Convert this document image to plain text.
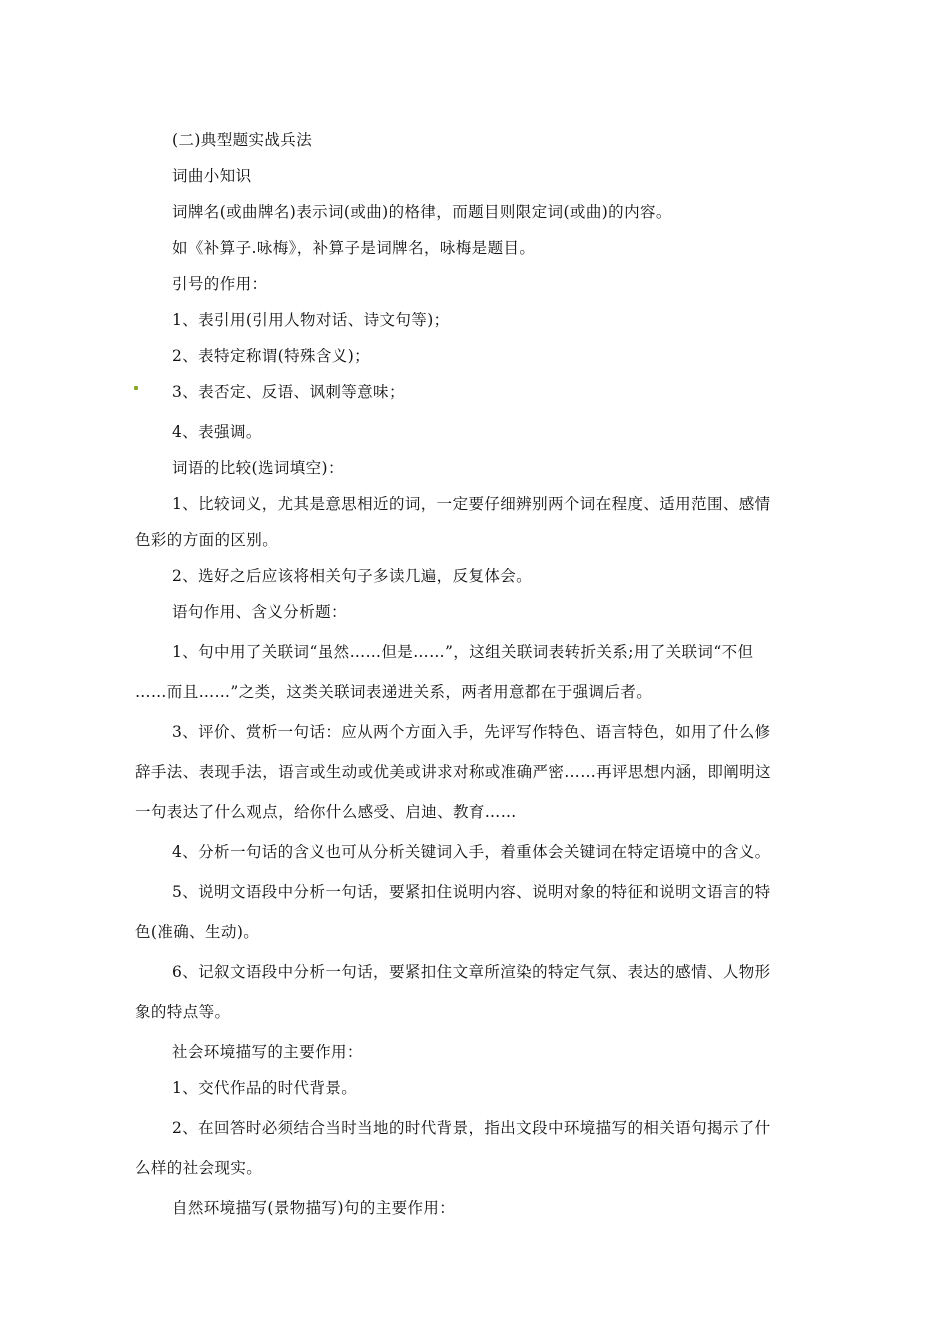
(二)典型题实战兵法
词曲小知识
词牌名(或曲牌名)表示词(或曲)的格律，而题目则限定词(或曲)的内容。
如《补算子.咏梅》，补算子是词牌名，咏梅是题目。
引号的作用：
1、表引用(引用人物对话、诗文句等)；
2、表特定称谓(特殊含义)；
3、表否定、反语、讽刺等意味；
4、表强调。
词语的比较(选词填空)：
1、比较词义，尤其是意思相近的词，一定要仔细辨别两个词在程度、适用范围、感情
色彩的方面的区别。
2、选好之后应该将相关句子多读几遍，反复体会。
语句作用、含义分析题：
1、句中用了关联词“虽然……但是……”，这组关联词表转折关系;用了关联词“不但
……而且……”之类，这类关联词表递进关系，两者用意都在于强调后者。
3、评价、赏析一句话：应从两个方面入手，先评写作特色、语言特色，如用了什么修
辞手法、表现手法，语言或生动或优美或讲求对称或准确严密……再评思想内涵，即阐明这
一句表达了什么观点，给你什么感受、启迪、教育……
4、分析一句话的含义也可从分析关键词入手，着重体会关键词在特定语境中的含义。
5、说明文语段中分析一句话，要紧扣住说明内容、说明对象的特征和说明文语言的特
色(准确、生动)。
6、记叙文语段中分析一句话，要紧扣住文章所渲染的特定气氛、表达的感情、人物形
象的特点等。
社会环境描写的主要作用：
1、交代作品的时代背景。
2、在回答时必须结合当时当地的时代背景，指出文段中环境描写的相关语句揭示了什
么样的社会现实。
自然环境描写(景物描写)句的主要作用：
